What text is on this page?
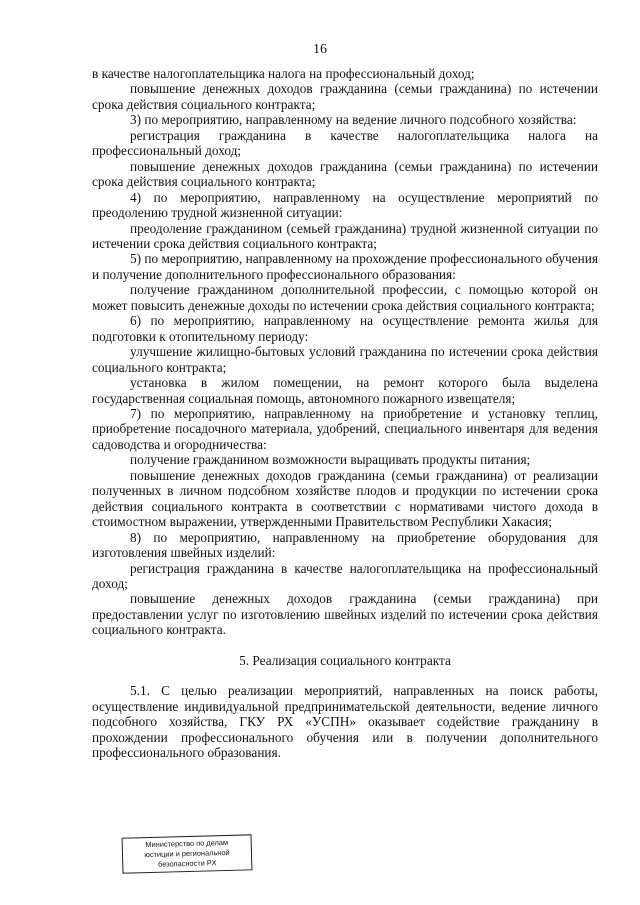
16

в качестве налогоплательщика налога на профессиональный доход;

повышение денежных доходов гражданина (семьи гражданина) по истечении срока действия социального контракта;

3) по мероприятию, направленному на ведение личного подсобного хозяйства:

регистрация гражданина в качестве налогоплательщика налога на профессиональный доход;

повышение денежных доходов гражданина (семьи гражданина) по истечении срока действия социального контракта;

4) по мероприятию, направленному на осуществление мероприятий по преодолению трудной жизненной ситуации:

преодоление гражданином (семьей гражданина) трудной жизненной ситуации по истечении срока действия социального контракта;

5) по мероприятию, направленному на прохождение профессионального обучения и получение дополнительного профессионального образования:

получение гражданином дополнительной профессии, с помощью которой он может повысить денежные доходы по истечении срока действия социального контракта;

6) по мероприятию, направленному на осуществление ремонта жилья для подготовки к отопительному периоду:

улучшение жилищно-бытовых условий гражданина по истечении срока действия социального контракта;

установка в жилом помещении, на ремонт которого была выделена государственная социальная помощь, автономного пожарного извещателя;

7) по мероприятию, направленному на приобретение и установку теплиц, приобретение посадочного материала, удобрений, специального инвентаря для ведения садоводства и огородничества:

получение гражданином возможности выращивать продукты питания;

повышение денежных доходов гражданина (семьи гражданина) от реализации полученных в личном подсобном хозяйстве плодов и продукции по истечении срока действия социального контракта в соответствии с нормативами чистого дохода в стоимостном выражении, утвержденными Правительством Республики Хакасия;

8) по мероприятию, направленному на приобретение оборудования для изготовления швейных изделий:

регистрация гражданина в качестве налогоплательщика на профессиональный доход;

повышение денежных доходов гражданина (семьи гражданина) при предоставлении услуг по изготовлению швейных изделий по истечении срока действия социального контракта.

5. Реализация социального контракта

5.1. С целью реализации мероприятий, направленных на поиск работы, осуществление индивидуальной предпринимательской деятельности, ведение личного подсобного хозяйства, ГКУ РХ «УСПН» оказывает содействие гражданину в прохождении профессионального обучения или в получении дополнительного профессионального образования.

Министерство по делам
юстиции и региональной
безопасности РХ
